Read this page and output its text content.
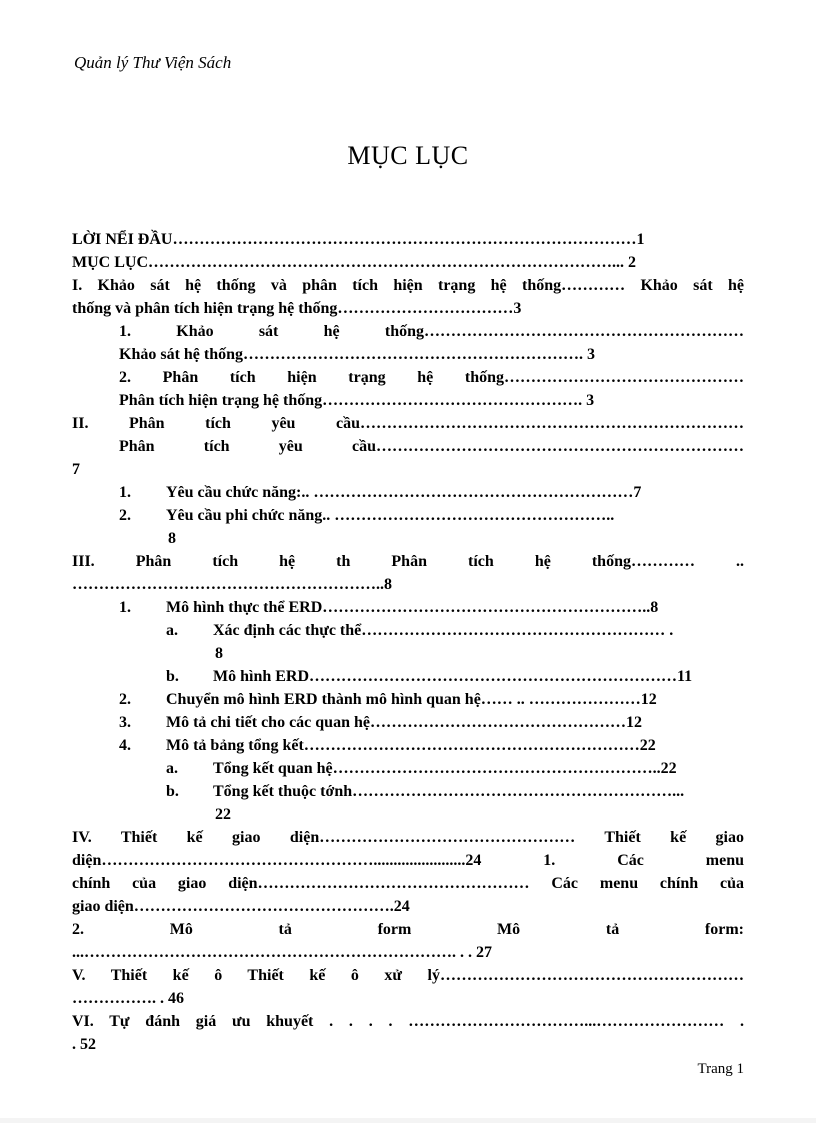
Quản lý Thư Viện Sách
MỤC LỤC
LỜI NỂI ĐẦU……………………………………………………………………………1
MỤC LỤC……………………………………………………………………………... 2
I. Khảo sát hệ thống và phân tích hiện trạng hệ thống………… Khảo sát hệ
thống và phân tích hiện trạng hệ thống……………………………3
1. Khảo sát hệ thống……………………………………………………
Khảo sát hệ thống………………………………………………………. 3
2. Phân tích hiện trạng hệ thống………………………………………
Phân tích hiện trạng hệ thống…………………………………………. 3
II. Phân tích yêu cầu………………………………………………………………
Phân tích yêu cầu……………………………………………………………
7
1. Yêu cầu chức năng:.. ……………………………………………………7
2. Yêu cầu phi chức năng.. ……………………………………………..
8
III. Phân tích hệ th Phân tích hệ thống………… ..
…………………………………………………..8
1. Mô hình thực thể ERD……………………………………………………..8
a. Xác định các thực thể………………………………………………… .
8
b. Mô hình ERD……………………………………………………………11
2. Chuyển mô hình ERD thành mô hình quan hệ…… .. …………………12
3. Mô tả chi tiết cho các quan hệ…………………………………………12
4. Mô tả bảng tổng kết………………………………………………………22
a. Tổng kết quan hệ……………………………………………………..22
b. Tổng kết thuộc tớnh……………………………………………………...
22
IV. Thiết kế giao diện………………………………………… Thiết kế giao
diện…………………………………………….......................24 1. Các menu
chính của giao diện…………………………………………… Các menu chính của
giao diện………………………………………….24
2. Mô tả form Mô tả form:
...……………………………………………………………. . . 27
V. Thiết kế ô Thiết kế ô xử lý…………………………………………………
……………. . 46
VI. Tự đánh giá ưu khuyết . . . . ……………………………...…………………… .
. 52
Trang 1
